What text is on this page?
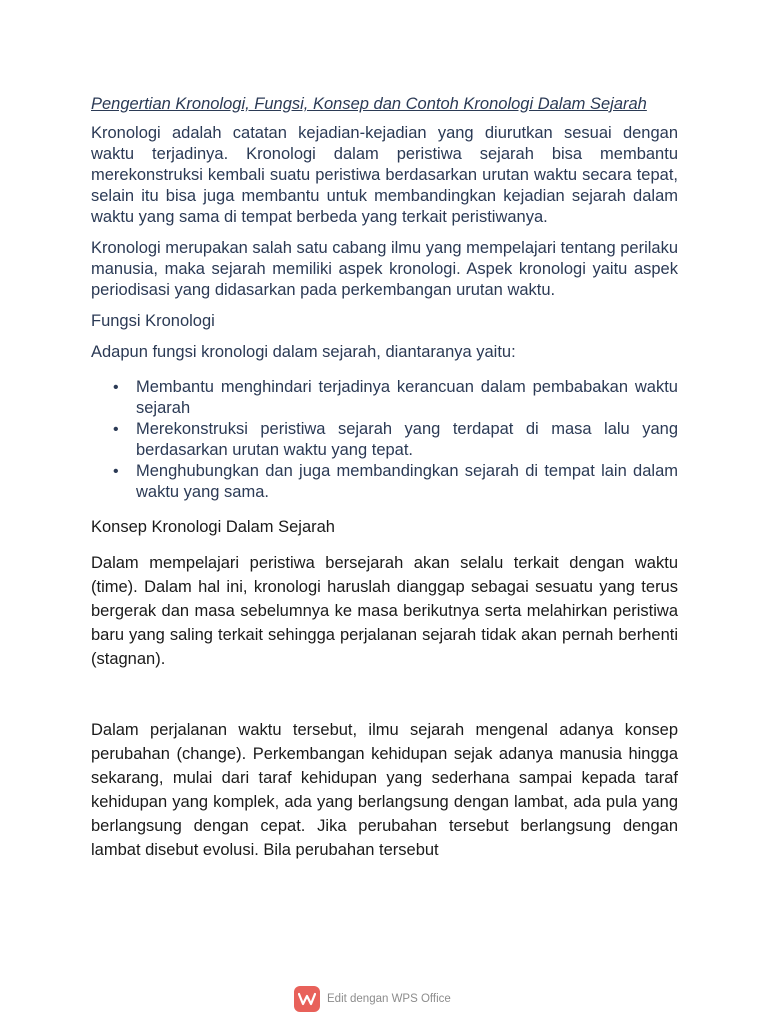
Pengertian Kronologi, Fungsi, Konsep dan Contoh Kronologi Dalam Sejarah

Kronologi adalah catatan kejadian-kejadian yang diurutkan sesuai dengan waktu terjadinya. Kronologi dalam peristiwa sejarah bisa membantu merekonstruksi kembali suatu peristiwa berdasarkan urutan waktu secara tepat, selain itu bisa juga membantu untuk membandingkan kejadian sejarah dalam waktu yang sama di tempat berbeda yang terkait peristiwanya.

Kronologi merupakan salah satu cabang ilmu yang mempelajari tentang perilaku manusia, maka sejarah memiliki aspek kronologi. Aspek kronologi yaitu aspek periodisasi yang didasarkan pada perkembangan urutan waktu.

Fungsi Kronologi

Adapun fungsi kronologi dalam sejarah, diantaranya yaitu:

• Membantu menghindari terjadinya kerancuan dalam pembabakan waktu sejarah
• Merekonstruksi peristiwa sejarah yang terdapat di masa lalu yang berdasarkan urutan waktu yang tepat.
• Menghubungkan dan juga membandingkan sejarah di tempat lain dalam waktu yang sama.

Konsep Kronologi Dalam Sejarah

Dalam mempelajari peristiwa bersejarah akan selalu terkait dengan waktu (time). Dalam hal ini, kronologi haruslah dianggap sebagai sesuatu yang terus bergerak dan masa sebelumnya ke masa berikutnya serta melahirkan peristiwa baru yang saling terkait sehingga perjalanan sejarah tidak akan pernah berhenti (stagnan).

Dalam perjalanan waktu tersebut, ilmu sejarah mengenal adanya konsep perubahan (change). Perkembangan kehidupan sejak adanya manusia hingga sekarang, mulai dari taraf kehidupan yang sederhana sampai kepada taraf kehidupan yang komplek, ada yang berlangsung dengan lambat, ada pula yang berlangsung dengan cepat. Jika perubahan tersebut berlangsung dengan lambat disebut evolusi. Bila perubahan tersebut

Edit dengan WPS Office
